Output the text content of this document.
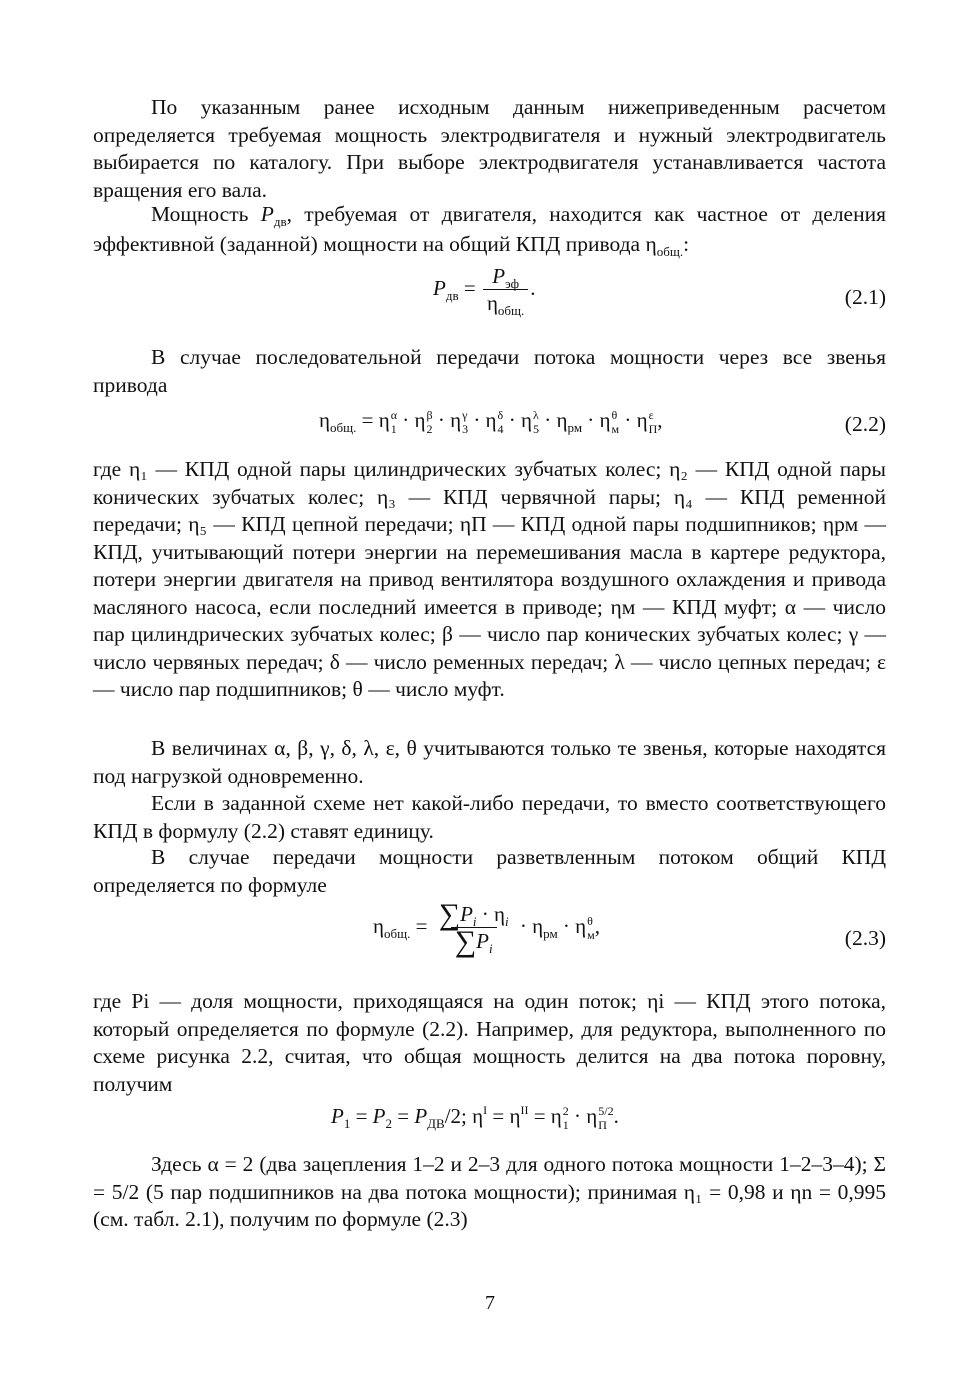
По указанным ранее исходным данным нижеприведенным расчетом определяется требуемая мощность электродвигателя и нужный электродвигатель выбирается по каталогу. При выборе электродвигателя устанавливается частота вращения его вала.

Мощность $P_{дв}$, требуемая от двигателя, находится как частное от деления эффективной (заданной) мощности на общий КПД привода $\eta_{общ.}$:

$P_{дв} = \frac{P_{эф}}{\eta_{общ.}}$ .	(2.1)

В случае последовательной передачи потока мощности через все звенья привода

$\eta_{общ.} = \eta$ α
1 · η β
2 · η γ
3 · η δ
4 · η λ
$5 \cdot \eta_{рм} \cdot \eta$ θ
м · η ε
П ,	(2.2)

где η₁ — КПД одной пары цилиндрических зубчатых колес; η₂ — КПД одной пары конических зубчатых колес; η₃ — КПД червячной пары; η₄ — КПД ременной передачи; η₅ — КПД цепной передачи; ηП — КПД одной пары подшипников; ηрм — КПД, учитывающий потери энергии на перемешивания масла в картере редуктора, потери энергии двигателя на привод вентилятора воздушного охлаждения и привода масляного насоса, если последний имеется в приводе; ηм — КПД муфт; α — число пар цилиндрических зубчатых колес; β — число пар конических зубчатых колес; γ — число червяных передач; δ — число ременных передач; λ — число цепных передач; ε — число пар подшипников; θ — число муфт.

В величинах α, β, γ, δ, λ, ε, θ учитываются только те звенья, которые находятся под нагрузкой одновременно.

Если в заданной схеме нет какой-либо передачи, то вместо соответствующего КПД в формулу (2.2) ставят единицу.

В случае передачи мощности разветвленным потоком общий КПД определяется по формуле

$\eta_{общ.} = \frac{\sum P_i \cdot \eta_i}{\sum P_i} \cdot \eta_{рм} \cdot \eta$ θ
м ,
(2.3)

где Pi — доля мощности, приходящаяся на один поток; ηi — КПД этого потока, который определяется по формуле (2.2). Например, для редуктора, выполненного по схеме рисунка 2.2, считая, что общая мощность делится на два потока поровну, получим

$P_1 = P_2 = P_{ДВ}/2$; $\eta^I = \eta^{II} = \eta$ 2
1 · η 5/2
П .

Здесь α = 2 (два зацепления 1–2 и 2–3 для одного потока мощности 1–2–3–4); Σ = 5/2 (5 пар подшипников на два потока мощности); принимая η₁ = 0,98 и ηn = 0,995 (см. табл. 2.1), получим по формуле (2.3)

7
